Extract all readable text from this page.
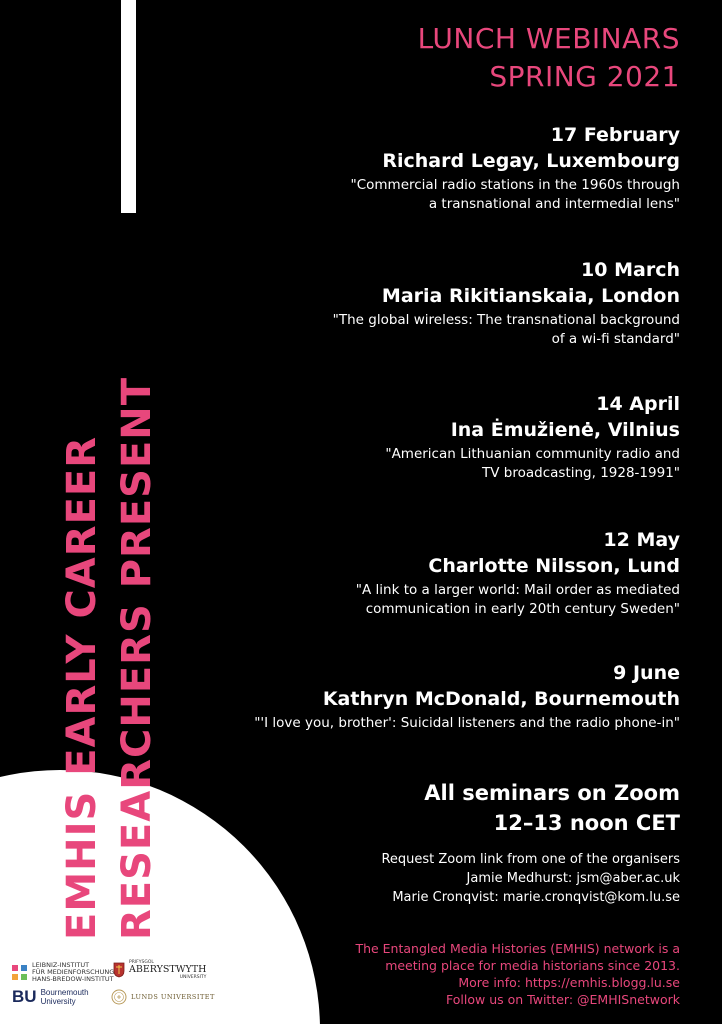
EMHIS EARLY CAREER RESEARCHERS PRESENT
LUNCH WEBINARS
SPRING 2021
17 February
Richard Legay, Luxembourg
"Commercial radio stations in the 1960s through
a transnational and intermedial lens"
10 March
Maria Rikitianskaia, London
"The global wireless: The transnational background
of a wi-fi standard"
14 April
Ina Ėmužienė, Vilnius
"American Lithuanian community radio and
TV broadcasting, 1928-1991"
12 May
Charlotte Nilsson, Lund
"A link to a larger world: Mail order as mediated
communication in early 20th century Sweden"
9 June
Kathryn McDonald, Bournemouth
"'I love you, brother': Suicidal listeners and the radio phone-in"
All seminars on Zoom
12–13 noon CET
Request Zoom link from one of the organisers
Jamie Medhurst: jsm@aber.ac.uk
Marie Cronqvist: marie.cronqvist@kom.lu.se
The Entangled Media Histories (EMHIS) network is a
meeting place for media historians since 2013.
More info: https://emhis.blogg.lu.se
Follow us on Twitter: @EMHISnetwork
LEIBNIZ-INSTITUT
FÜR MEDIENFORSCHUNG
HANS-BREDOW-INSTITUT
PRIFYSGOL
ABERYSTWYTH
UNIVERSITY
BU Bournemouth
University
LUNDS UNIVERSITET
